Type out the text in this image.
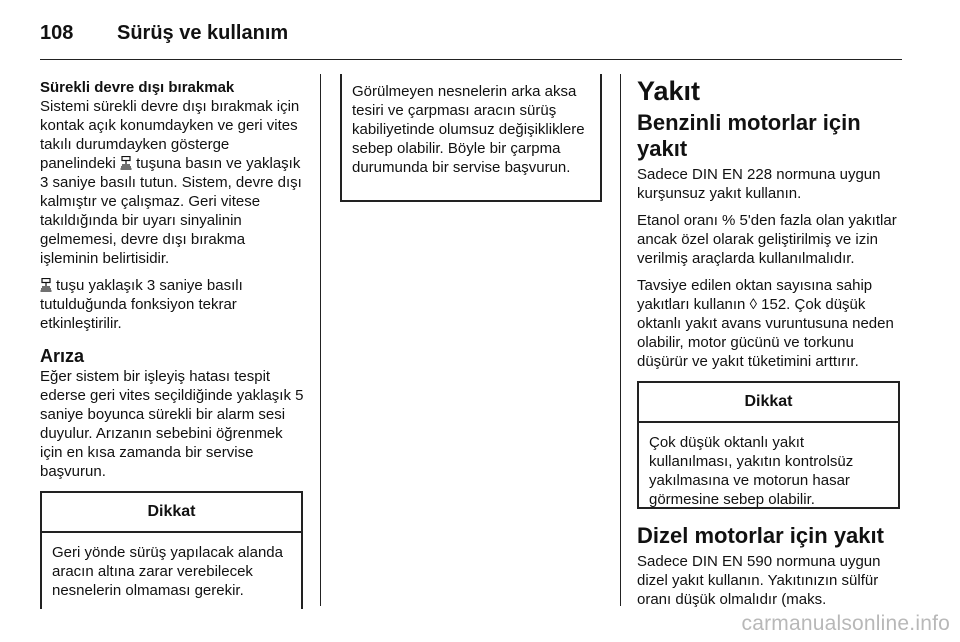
108 Sürüş ve kullanım
Sürekli devre dışı bırakmak

Sistemi sürekli devre dışı bırakmak için kontak açık konumdayken ve geri vites takılı durumdayken gösterge panelindeki tuşuna basın ve yaklaşık 3 saniye basılı tutun. Sistem, devre dışı kalmıştır ve çalışmaz. Geri vitese takıldığında bir uyarı sinyalinin gelmemesi, devre dışı bırakma işleminin belirtisidir.

tuşu yaklaşık 3 saniye basılı tutulduğunda fonksiyon tekrar etkinleştirilir.

Arıza

Eğer sistem bir işleyiş hatası tespit ederse geri vites seçildiğinde yaklaşık 5 saniye boyunca sürekli bir alarm sesi duyulur. Arızanın sebebini öğrenmek için en kısa zamanda bir servise başvurun.

Dikkat
Geri yönde sürüş yapılacak alanda aracın altına zarar verebilecek nesnelerin olmaması gerekir.
Görülmeyen nesnelerin arka aksa tesiri ve çarpması aracın sürüş kabiliyetinde olumsuz değişikliklere sebep olabilir. Böyle bir çarpma durumunda bir servise başvurun.
Yakıt
Benzinli motorlar için yakıt

Sadece DIN EN 228 normuna uygun kurşunsuz yakıt kullanın.

Etanol oranı % 5'den fazla olan yakıtlar ancak özel olarak geliştirilmiş ve izin verilmiş araçlarda kullanılmalıdır.

Tavsiye edilen oktan sayısına sahip yakıtları kullanın ◊ 152. Çok düşük oktanlı yakıt avans vuruntusuna neden olabilir, motor gücünü ve torkunu düşürür ve yakıt tüketimini arttırır.

Dikkat
Çok düşük oktanlı yakıt kullanılması, yakıtın kontrolsüz yakılmasına ve motorun hasar görmesine sebep olabilir.
Dizel motorlar için yakıt

Sadece DIN EN 590 normuna uygun dizel yakıt kullanın. Yakıtınızın sülfür oranı düşük olmalıdır (maks.

carmanualsonline.info
